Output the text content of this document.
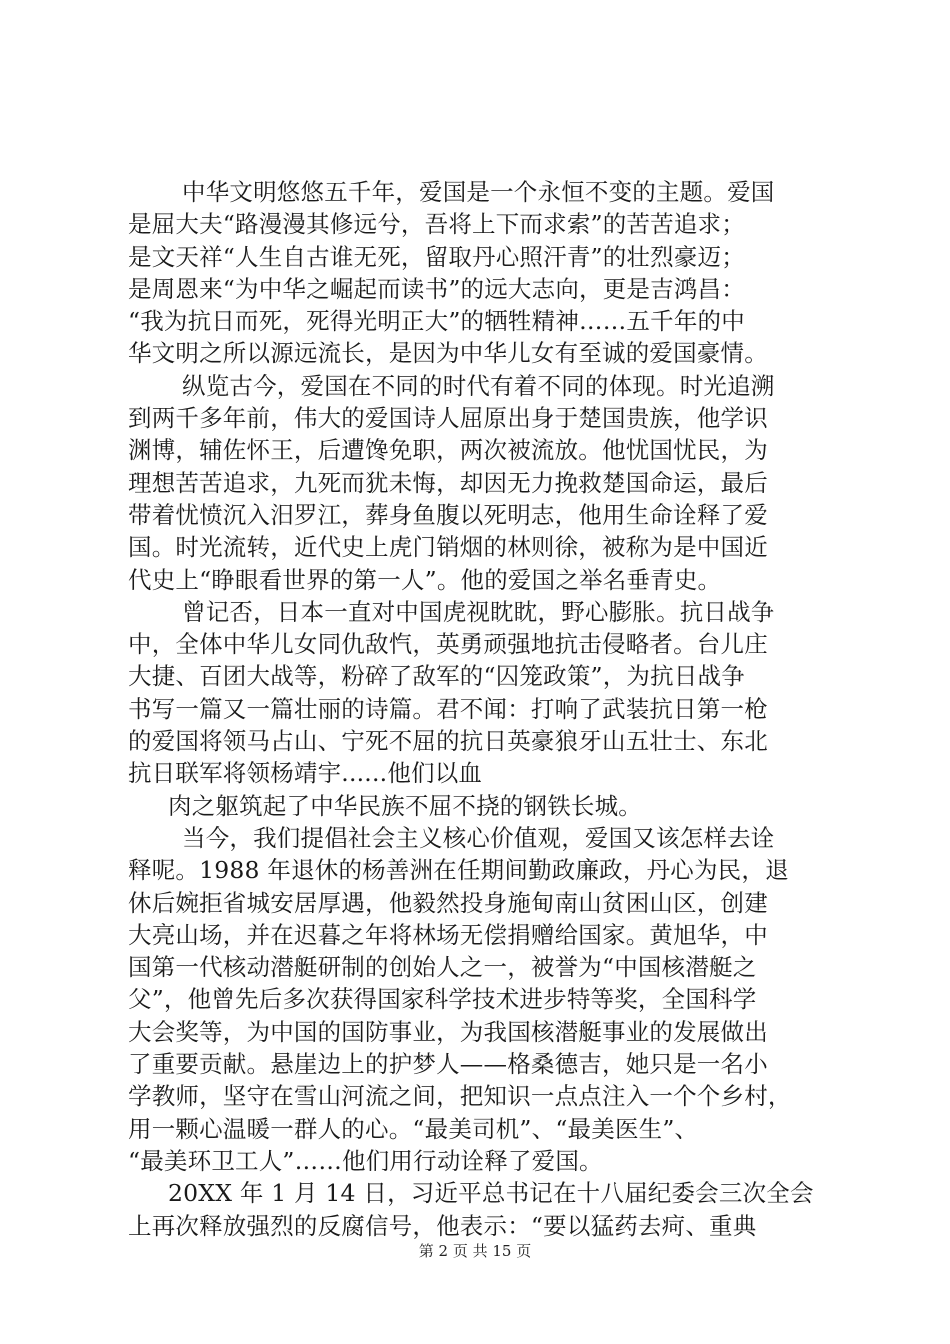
中华文明悠悠五千年，爱国是一个永恒不变的主题。爱国
是屈大夫“路漫漫其修远兮，吾将上下而求索”的苦苦追求；
是文天祥“人生自古谁无死，留取丹心照汗青”的壮烈豪迈；
是周恩来“为中华之崛起而读书”的远大志向，更是吉鸿昌：
“我为抗日而死，死得光明正大”的牺牲精神……五千年的中
华文明之所以源远流长，是因为中华儿女有至诚的爱国豪情。
纵览古今，爱国在不同的时代有着不同的体现。时光追溯
到两千多年前，伟大的爱国诗人屈原出身于楚国贵族，他学识
渊博，辅佐怀王，后遭馋免职，两次被流放。他忧国忧民，为
理想苦苦追求，九死而犹未悔，却因无力挽救楚国命运，最后
带着忧愤沉入汨罗江，葬身鱼腹以死明志，他用生命诠释了爱
国。时光流转，近代史上虎门销烟的林则徐，被称为是中国近
代史上“睁眼看世界的第一人”。他的爱国之举名垂青史。
曾记否，日本一直对中国虎视眈眈，野心膨胀。抗日战争
中，全体中华儿女同仇敌忾，英勇顽强地抗击侵略者。台儿庄
大捷、百团大战等，粉碎了敌军的“囚笼政策”，为抗日战争
书写一篇又一篇壮丽的诗篇。君不闻：打响了武装抗日第一枪
的爱国将领马占山、宁死不屈的抗日英豪狼牙山五壮士、东北
抗日联军将领杨靖宇......他们以血
肉之躯筑起了中华民族不屈不挠的钢铁长城。
当今，我们提倡社会主义核心价值观，爱国又该怎样去诠
释呢。1988 年退休的杨善洲在任期间勤政廉政，丹心为民，退
休后婉拒省城安居厚遇，他毅然投身施甸南山贫困山区，创建
大亮山场，并在迟暮之年将林场无偿捐赠给国家。黄旭华，中
国第一代核动潜艇研制的创始人之一，被誉为“中国核潜艇之
父”，他曾先后多次获得国家科学技术进步特等奖，全国科学
大会奖等，为中国的国防事业，为我国核潜艇事业的发展做出
了重要贡献。悬崖边上的护梦人——格桑德吉，她只是一名小
学教师，坚守在雪山河流之间，把知识一点点注入一个个乡村，
用一颗心温暖一群人的心。“最美司机”、“最美医生”、
“最美环卫工人”……他们用行动诠释了爱国。
20XX 年 1 月 14 日，习近平总书记在十八届纪委会三次全会
上再次释放强烈的反腐信号，他表示：“要以猛药去疴、重典
第 2 页 共 15 页
